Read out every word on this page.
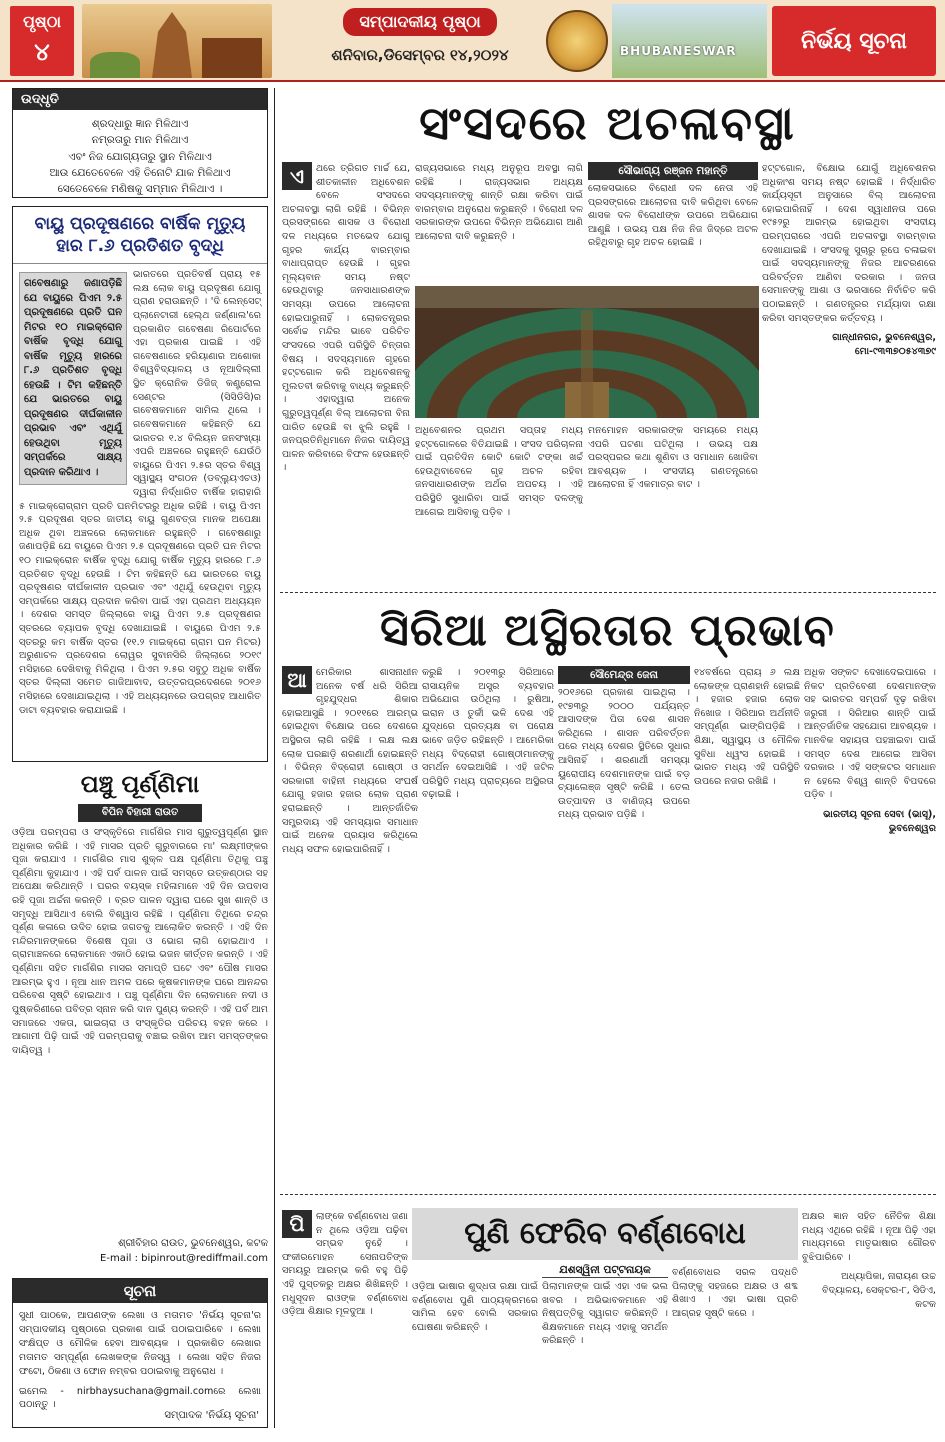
ପୃଷ୍ଠା
୪
ସମ୍ପାଦକୀୟ ପୃଷ୍ଠା
ଶନିବାର,ଡିସେମ୍ବର ୧୪,୨୦୨୪	BHUBANESWAR	ନିର୍ଭୟ ସୂଚନା
ଉଦ୍ଧୃତି
ଶ୍ରଦ୍ଧାରୁ ଜ୍ଞାନ ମିଳିଥାଏ
ନମ୍ରତାରୁ ମାନ ମିଳିଥାଏ
ଏବଂ ନିଜ ଯୋଗ୍ୟତାରୁ ସ୍ଥାନ ମିଳିଥାଏ
ଆଉ ଯେତେବେଳେ ଏହି ତିନୋଟି ଯାକ ମିଳିଥାଏ
ସେତେବେଳେ ମଣିଷକୁ ସମ୍ମାନ ମିଳିଥାଏ ।
ବାୟୁ ପ୍ରଦୂଷଣରେ ବାର୍ଷିକ ମୃତ୍ୟୁ ହାର ୮.୬ ପ୍ରତିଶତ ବୃଦ୍ଧି
ଗବେଷଣାରୁ ଜଣାପଡ଼ିଛି ଯେ ବାୟୁରେ ପିଏମ ୨.୫ ପ୍ରଦୂଷଣରେ ପ୍ରତି ଘନ ମିଟର ୧୦ ମାଇକ୍ରୋନ ବାର୍ଷିକ ବୃଦ୍ଧି ଯୋଗୁ ବାର୍ଷିକ ମୃତ୍ୟୁ ହାରରେ ୮.୬ ପ୍ରତିଶତ ବୃଦ୍ଧି ହେଉଛି । ଟିମ କହିଛନ୍ତି ଯେ ଭାରତରେ ବାୟୁ ପ୍ରଦୂଷଣର ଦୀର୍ଘକାଳୀନ ପ୍ରଭାବ ଏବଂ ଏଥିଯୁଁ ହେଉଥିବା ମୃତ୍ୟୁ ସମ୍ପର୍କରେ ସାକ୍ଷ୍ୟ ପ୍ରଦାନ କରିଥାଏ ।
ଭାରତରେ ପ୍ରତିବର୍ଷ ପ୍ରାୟ ୧୫ ଲକ୍ଷ ଲୋକ ବାୟୁ ପ୍ରଦୂଷଣ ଯୋଗୁ ପ୍ରାଣ ହରାଉଛନ୍ତି । 'ଦି ଲେନ୍‌ସେଟ୍ ପ୍ଲାନେଟାରୀ ହେଲ୍‌ଥ ଜର୍ଣ୍ଣାଲ'ରେ ପ୍ରକାଶିତ ଗବେଷଣା ରିପୋର୍ଟରେ ଏହା ପ୍ରକାଶ ପାଇଛି । ଏହି ଗବେଷଣାରେ ହରିୟାଣାର ଅଶୋକା ବିଶ୍ୱବିଦ୍ୟାଳୟ ଓ ନୂଆଦିଲ୍ଲୀ ସ୍ଥିତ କ୍ରୋନିକ ଡିଜିଜ୍ କଣ୍ଟ୍ରୋଲ ସେଣ୍ଟର (ସିସିଡିସି)ର ଗବେଷକମାନେ ସାମିଲ ଥିଲେ । ଗବେଷକମାନେ କହିଛନ୍ତି ଯେ ଭାରତର ୧.୪ ବିଲିୟନ ଜନସଂଖ୍ୟା ଏପରି ଅଞ୍ଚଳରେ ରହୁଛନ୍ତି ଯେଉଁଠି ବାୟୁରେ ପିଏମ ୨.୫ର ସ୍ତର ବିଶ୍ୱ ସ୍ୱାସ୍ଥ୍ୟ ସଂଗଠନ (ଡବ୍ଲ୍ୟୁଏଚଓ) ଦ୍ୱାରା ନିର୍ଦ୍ଧାରିତ ବାର୍ଷିକ ହାରାହାରି ୫ ମାଇକ୍ରୋଗ୍ରାମ ପ୍ରତି ଘନମିଟରରୁ ଅଧିକ ରହିଛି । ବାୟୁ ପିଏମ ୨.୫ ପ୍ରଦୂଷଣ ସ୍ତର ଜାତୀୟ ବାୟୁ ଗୁଣବତ୍ତା ମାନକ ଅପେକ୍ଷା ଅଧିକ ଥିବା ଅଞ୍ଚଳରେ ଲୋକମାନେ ରହୁଛନ୍ତି । ଗବେଷଣାରୁ ଜଣାପଡ଼ିଛି ଯେ ବାୟୁରେ ପିଏମ ୨.୫ ପ୍ରଦୂଷଣରେ ପ୍ରତି ଘନ ମିଟର ୧୦ ମାଇକ୍ରୋନ ବାର୍ଷିକ ବୃଦ୍ଧି ଯୋଗୁ ବାର୍ଷିକ ମୃତ୍ୟୁ ହାରରେ ୮.୬ ପ୍ରତିଶତ ବୃଦ୍ଧି ହେଉଛି । ଟିମ କହିଛନ୍ତି ଯେ ଭାରତରେ ବାୟୁ ପ୍ରଦୂଷଣର ଦୀର୍ଘକାଳୀନ ପ୍ରଭାବ ଏବଂ ଏଥିଯୁଁ ହେଉଥିବା ମୃତ୍ୟୁ ସମ୍ପର୍କରେ ସାକ୍ଷ୍ୟ ପ୍ରଦାନ କରିବା ପାଇଁ ଏହା ପ୍ରଥମ ଅଧ୍ୟୟନ । ଦେଶର ସମସ୍ତ ଜିଲ୍ଲାରେ ବାୟୁ ପିଏମ ୨.୫ ପ୍ରଦୂଷଣର ସ୍ତରରେ ବ୍ୟାପକ ବୃଦ୍ଧି ଦେଖାଯାଇଛି । ବାୟୁରେ ପିଏମ ୨.୫ ସ୍ତରରୁ କମ ବାର୍ଷିକ ସ୍ତର (୧୧.୨ ମାଇକ୍ରୋ ଗ୍ରାମ ଘନ ମିଟର) ଅରୁଣାଚଳ ପ୍ରଦେଶର ଲୋୱର ସୁବାନସିରି ଜିଲ୍ଲାରେ ୨୦୧୯ ମସିହାରେ ଦେଖିବାକୁ ମିଳିଥିଲା । ପିଏମ ୨.୫ର ସବୁଠୁ ଅଧିକ ବାର୍ଷିକ ସ୍ତର ଦିଲ୍ଲୀ ସମେତ ଗାଜିଆବାଦ, ଉତ୍ତରପ୍ରଦେଶରେ ୨୦୧୬ ମସିହାରେ ଦେଖାଯାଇଥିଲା । ଏହି ଅଧ୍ୟୟନରେ ଉପଗ୍ରହ ଆଧାରିତ ଡାଟା ବ୍ୟବହାର କରାଯାଇଛି ।
ପଞ୍ଚୁ ପୂର୍ଣ୍ଣିମା
ବିପିନ ବିହାରୀ ରାଉତ
ଓଡ଼ିଆ ପରମ୍ପରା ଓ ସଂସ୍କୃତିରେ ମାର୍ଗଶିର ମାସ ଗୁରୁତ୍ୱପୂର୍ଣ୍ଣ ସ୍ଥାନ ଅଧିକାର କରିଛି । ଏହି ମାସର ପ୍ରତି ଗୁରୁବାରରେ ମା' ଲକ୍ଷ୍ମୀଙ୍କର ପୂଜା କରାଯାଏ । ମାର୍ଗଶିର ମାସ ଶୁକ୍ଳ ପକ୍ଷ ପୂର୍ଣ୍ଣିମା ତିଥିକୁ ପଞ୍ଚୁ ପୂର୍ଣ୍ଣିମା କୁହାଯାଏ । ଏହି ପର୍ବ ପାଳନ ପାଇଁ ସମସ୍ତେ ଉତ୍କଣ୍ଠାର ସହ ଅପେକ୍ଷା କରିଥାନ୍ତି । ଘରର ବୟସ୍କ ମହିଳାମାନେ ଏହି ଦିନ ଉପବାସ ରହି ପୂଜା ଅର୍ଚ୍ଚନା କରନ୍ତି । ବ୍ରତ ପାଳନ ଦ୍ୱାରା ଘରେ ସୁଖ ଶାନ୍ତି ଓ ସମୃଦ୍ଧି ଆସିଥାଏ ବୋଲି ବିଶ୍ୱାସ ରହିଛି । ପୂର୍ଣ୍ଣିମା ତିଥିରେ ଚନ୍ଦ୍ର ପୂର୍ଣ୍ଣ କଳାରେ ଉଦିତ ହୋଇ ଜଗତକୁ ଆଲୋକିତ କରନ୍ତି । ଏହି ଦିନ ମନ୍ଦିରମାନଙ୍କରେ ବିଶେଷ ପୂଜା ଓ ଭୋଗ ଲାଗି ହୋଇଥାଏ । ଗ୍ରାମାଞ୍ଚଳରେ ଲୋକମାନେ ଏକାଠି ହୋଇ ଭଜନ କୀର୍ତ୍ତନ କରନ୍ତି । ଏହି ପୂର୍ଣ୍ଣିମା ସହିତ ମାର୍ଗଶିର ମାସର ସମାପ୍ତି ଘଟେ ଏବଂ ପୌଷ ମାସର ଆରମ୍ଭ ହୁଏ । ନୂଆ ଧାନ ଅମଳ ପରେ କୃଷକମାନଙ୍କ ଘରେ ଆନନ୍ଦର ପରିବେଶ ସୃଷ୍ଟି ହୋଇଥାଏ । ପଞ୍ଚୁ ପୂର୍ଣ୍ଣିମା ଦିନ ଲୋକମାନେ ନଦୀ ଓ ପୁଷ୍କରିଣୀରେ ପବିତ୍ର ସ୍ନାନ କରି ଦାନ ପୁଣ୍ୟ କରନ୍ତି । ଏହି ପର୍ବ ଆମ ସମାଜରେ ଏକତା, ଭାଇଚାରା ଓ ସଂସ୍କୃତିର ପରିଚୟ ବହନ କରେ । ଆଗାମୀ ପିଢ଼ି ପାଇଁ ଏହି ପରମ୍ପରାକୁ ବଞ୍ଚାଇ ରଖିବା ଆମ ସମସ୍ତଙ୍କର ଦାୟିତ୍ୱ ।
ଶ୍ରୀବିହାର ରାଉତ, ଭୁବନେଶ୍ୱର, କଟକ
E-mail : bipinrout@rediffmail.com
ସୂଚନା
ସୁଧୀ ପାଠକେ, ଆପଣଙ୍କ ଲେଖା ଓ ମତାମତ 'ନିର୍ଭୟ ସୂଚନା'ର ସମ୍ପାଦକୀୟ ପୃଷ୍ଠାରେ ପ୍ରକାଶ ପାଇଁ ପଠାଇପାରିବେ । ଲେଖା ସଂକ୍ଷିପ୍ତ ଓ ମୌଳିକ ହେବା ଆବଶ୍ୟକ । ପ୍ରକାଶିତ ଲେଖାର ମତାମତ ସମ୍ପୂର୍ଣ୍ଣ ଲେଖକଙ୍କ ନିଜସ୍ୱ । ଲେଖା ସହିତ ନିଜର ଫଟୋ, ଠିକଣା ଓ ଫୋନ ନମ୍ବର ପଠାଇବାକୁ ଅନୁରୋଧ ।
ଇମେଲ - nirbhaysuchana@gmail.comରେ ଲେଖା ପଠାନ୍ତୁ ।
ସମ୍ପାଦକ 'ନିର୍ଭୟ ସୂଚନା'
ସଂସଦରେ ଅଚଳାବସ୍ଥା
ଏ	ଥରେ ତ୍ରିଗତ ମାର୍ଚ୍ଚ ଯେ, ଶୀତକାଳୀନ ଅଧିବେଶନ ବେଳେ ସଂସଦରେ ଅଚଳାବସ୍ଥା ଲାଗି ରହିଛି । ବିଭିନ୍ନ ପ୍ରସଙ୍ଗରେ ଶାସକ ଓ ବିରୋଧୀ ଦଳ ମଧ୍ୟରେ ମତଭେଦ ଯୋଗୁ ଗୃହର କାର୍ଯ୍ୟ ବାରମ୍ବାର ବାଧାପ୍ରାପ୍ତ ହେଉଛି । ଗୃହର ମୂଲ୍ୟବାନ ସମୟ ନଷ୍ଟ ହେଉଥିବାରୁ ଜନସାଧାରଣଙ୍କ ସମସ୍ୟା ଉପରେ ଆଲୋଚନା ହୋଇପାରୁନାହିଁ । ଲୋକତନ୍ତ୍ରର ସର୍ବୋଚ୍ଚ ମନ୍ଦିର ଭାବେ ପରିଚିତ ସଂସଦରେ ଏପରି ପରିସ୍ଥିତି ଚିନ୍ତାର ବିଷୟ । ସଦସ୍ୟମାନେ ଗୃହରେ ହଟ୍ଟଗୋଳ କରି ଅଧିବେଶନକୁ ମୁଲତବୀ କରିବାକୁ ବାଧ୍ୟ କରୁଛନ୍ତି । ଏହାଦ୍ୱାରା ଅନେକ ଗୁରୁତ୍ୱପୂର୍ଣ୍ଣ ବିଲ୍ ଆଲୋଚନା ବିନା ପାରିତ ହେଉଛି ବା ଝୁଲି ରହୁଛି । ଜନପ୍ରତିନିଧିମାନେ ନିଜର ଦାୟିତ୍ୱ ପାଳନ କରିବାରେ ବିଫଳ ହେଉଛନ୍ତି ।
ରାଜ୍ୟସଭାରେ ମଧ୍ୟ ଅନୁରୂପ ଅବସ୍ଥା ଲାଗି ରହିଛି । ରାଜ୍ୟସଭାର ଅଧ୍ୟକ୍ଷ ସଦସ୍ୟମାନଙ୍କୁ ଶାନ୍ତି ରକ୍ଷା କରିବା ପାଇଁ ବାରମ୍ବାର ଅନୁରୋଧ କରୁଛନ୍ତି । ବିରୋଧୀ ଦଳ ସରକାରଙ୍କ ଉପରେ ବିଭିନ୍ନ ଅଭିଯୋଗ ଆଣି ଆଲୋଚନା ଦାବି କରୁଛନ୍ତି ।
ସୌଭାଗ୍ୟ ରଞ୍ଜନ ମହାନ୍ତି
ଲୋକସଭାରେ ବିରୋଧୀ ଦଳ ନେତା ଏହି ପ୍ରସଙ୍ଗରେ ଆଲୋଚନା ଦାବି କରିଥିବା ବେଳେ ଶାସକ ଦଳ ବିରୋଧୀଙ୍କ ଉପରେ ଅଭିଯୋଗ ଆଣୁଛି । ଉଭୟ ପକ୍ଷ ନିଜ ନିଜ ଜିଦ୍‌ରେ ଅଟଳ ରହିଥିବାରୁ ଗୃହ ଅଚଳ ହୋଇଛି ।
ଅଧିବେଶନର ପ୍ରଥମ ସପ୍ତାହ ମଧ୍ୟ ହଟ୍ଟଗୋଳରେ ବିତିଯାଇଛି । ସଂସଦ ପରିଚାଳନା ପାଇଁ ପ୍ରତିଦିନ କୋଟି କୋଟି ଟଙ୍କା ଖର୍ଚ୍ଚ ହେଉଥିବାବେଳେ ଗୃହ ଅଚଳ ରହିବା ଜନସାଧାରଣଙ୍କ ଅର୍ଥର ଅପଚୟ । ଏହି ପରିସ୍ଥିତି ସୁଧାରିବା ପାଇଁ ସମସ୍ତ ଦଳଙ୍କୁ ଆଗେଇ ଆସିବାକୁ ପଡ଼ିବ ।
ମନମୋହନ ସରକାରଙ୍କ ସମୟରେ ମଧ୍ୟ ଏପରି ଘଟଣା ଘଟିଥିଲା । ଉଭୟ ପକ୍ଷ ପରସ୍ପରର କଥା ଶୁଣିବା ଓ ସମାଧାନ ଖୋଜିବା ଆବଶ୍ୟକ । ସଂସଦୀୟ ଗଣତନ୍ତ୍ରରେ ଆଲୋଚନା ହିଁ ଏକମାତ୍ର ବାଟ ।
ହଟ୍ଟଗୋଳ, ବିକ୍ଷୋଭ ଯୋଗୁଁ ଅଧିବେଶନର ଅଧିକାଂଶ ସମୟ ନଷ୍ଟ ହୋଇଛି । ନିର୍ଦ୍ଧାରିତ କାର୍ଯ୍ୟସୂଚୀ ଅନୁସାରେ ବିଲ୍ ଆଲୋଚନା ହୋଇପାରିନାହିଁ । ଦେଶ ସ୍ୱାଧୀନତା ପରେ ୧୯୫୨ରୁ ଆରମ୍ଭ ହୋଇଥିବା ସଂସଦୀୟ ପରମ୍ପରାରେ ଏପରି ଅଚଳାବସ୍ଥା ବାରମ୍ବାର ଦେଖାଯାଇଛି । ସଂସଦକୁ ସୁଚାରୁ ରୂପେ ଚଳାଇବା ପାଇଁ ସଦସ୍ୟମାନଙ୍କୁ ନିଜର ଆଚରଣରେ ପରିବର୍ତ୍ତନ ଆଣିବା ଦରକାର । ଜନତା ସେମାନଙ୍କୁ ଆଶା ଓ ଭରସାରେ ନିର୍ବାଚିତ କରି ପଠାଇଛନ୍ତି । ଗଣତନ୍ତ୍ରର ମର୍ଯ୍ୟାଦା ରକ୍ଷା କରିବା ସମସ୍ତଙ୍କର କର୍ତ୍ତବ୍ୟ ।
ଗାନ୍ଧୀନଗର, ଭୁବନେଶ୍ୱର, ମୋ-୯୩୩୭୦୫୪୩୭୯
ସିରିଆ ଅସ୍ଥିରତାର ପ୍ରଭାବ
ଆ ମେରିକାର ଶାସନାଧୀନ ଅନେକ ବର୍ଷ ଧରି ସିରିଆ ଗୃହଯୁଦ୍ଧର ଶିକାର ହୋଇଆସୁଛି । ୨୦୧୧ରେ ଆରମ୍ଭ ହୋଇଥିବା ବିକ୍ଷୋଭ ପରେ ଦେଶରେ ଅସ୍ଥିରତା ଲାଗି ରହିଛି । ଲକ୍ଷ ଲକ୍ଷ ଲୋକ ଘରଛାଡ଼ି ଶରଣାର୍ଥୀ ହୋଇଛନ୍ତି । ବିଭିନ୍ନ ବିଦ୍ରୋହୀ ଗୋଷ୍ଠୀ ଓ ସରକାରୀ ବାହିନୀ ମଧ୍ୟରେ ସଂଘର୍ଷ ଯୋଗୁ ହଜାର ହଜାର ଲୋକ ପ୍ରାଣ ହରାଇଛନ୍ତି । ଆନ୍ତର୍ଜାତିକ ସମ୍ପ୍ରଦାୟ ଏହି ସମସ୍ୟାର ସମାଧାନ ପାଇଁ ଅନେକ ପ୍ରୟାସ କରିଥିଲେ ମଧ୍ୟ ସଫଳ ହୋଇପାରିନାହିଁ ।
କରୁଛି । ୨୦୧୩ରୁ ସିରିଆରେ ରାସାୟନିକ ଅସ୍ତ୍ର ବ୍ୟବହାର ଅଭିଯୋଗ ଉଠିଥିଲା । ରୁଷିଆ, ଇରାନ ଓ ତୁର୍କୀ ଭଳି ଦେଶ ଏହି ଯୁଦ୍ଧରେ ପ୍ରତ୍ୟକ୍ଷ ବା ପରୋକ୍ଷ ଭାବେ ଜଡ଼ିତ ରହିଛନ୍ତି । ଆମେରିକା ମଧ୍ୟ ବିଦ୍ରୋହୀ ଗୋଷ୍ଠୀମାନଙ୍କୁ ସମର୍ଥନ ଦେଇଆସିଛି । ଏହି ଜଟିଳ ପରିସ୍ଥିତି ମଧ୍ୟ ପ୍ରାଚ୍ୟରେ ଅସ୍ଥିରତା ବଢ଼ାଇଛି ।
ସୌମେନ୍ଦ୍ର ଜେନା
୨୦୧୬ରେ ପ୍ରକାଶ ପାଇଥିଲା । ୧୯୭୩ରୁ ୨୦୦୦ ପର୍ଯ୍ୟନ୍ତ ଆସାଦଙ୍କ ପିତା ଦେଶ ଶାସନ କରିଥିଲେ । ଶାସନ ପରିବର୍ତ୍ତନ ପରେ ମଧ୍ୟ ଦେଶର ସ୍ଥିତିରେ ସୁଧାର ଆସିନାହିଁ । ଶରଣାର୍ଥୀ ସମସ୍ୟା ୟୁରୋପୀୟ ଦେଶମାନଙ୍କ ପାଇଁ ବଡ଼ ଚ୍ୟାଲେଞ୍ଜ ସୃଷ୍ଟି କରିଛି । ତେଲ ଉତ୍ପାଦନ ଓ ବାଣିଜ୍ୟ ଉପରେ ମଧ୍ୟ ପ୍ରଭାବ ପଡ଼ିଛି ।
୧୪ବର୍ଷରେ ପ୍ରାୟ ୬ ଲକ୍ଷ ଲୋକଙ୍କ ପ୍ରାଣହାନି ହୋଇଛି । ହଜାର ହଜାର ଲୋକ ନିଖୋଜ । ସିରିଆର ଅର୍ଥନୀତି ସମ୍ପୂର୍ଣ୍ଣ ଭାଙ୍ଗିପଡ଼ିଛି । ଶିକ୍ଷା, ସ୍ୱାସ୍ଥ୍ୟ ଓ ମୌଳିକ ସୁବିଧା ଧ୍ୱଂସ ହୋଇଛି । ଭାରତ ମଧ୍ୟ ଏହି ପରିସ୍ଥିତି ଉପରେ ନଜର ରଖିଛି ।
ଅଧିକ ସଙ୍କଟ ଦେଖାଦେଇପାରେ । ନିକଟ ପ୍ରତିବେଶୀ ଦେଶମାନଙ୍କ ସହ ଭାରତର ସମ୍ପର୍କ ଦୃଢ଼ ରଖିବା ଜରୁରୀ । ସିରିଆର ଶାନ୍ତି ପାଇଁ ଆନ୍ତର୍ଜାତିକ ସହଯୋଗ ଆବଶ୍ୟକ । ମାନବିକ ସହାୟତା ପହଞ୍ଚାଇବା ପାଇଁ ସମସ୍ତ ଦେଶ ଆଗେଇ ଆସିବା ଦରକାର । ଏହି ସଙ୍କଟର ସମାଧାନ ନ ହେଲେ ବିଶ୍ୱ ଶାନ୍ତି ବିପଦରେ ପଡ଼ିବ ।
ଭାରତୀୟ ସୂଚନା ସେବା (ଭାସୂ), ଭୁବନେଶ୍ୱର
ପି	ଲାଙ୍କେ ବର୍ଣ୍ଣବୋଧ ଜଣା ନ ଥିଲେ ଓଡ଼ିଆ ପଢ଼ିବା ସମ୍ଭବ ନୁହେଁ । ଫକୀରମୋହନ ସେନାପତିଙ୍କ ସମୟରୁ ଆରମ୍ଭ କରି ବହୁ ପିଢ଼ି ଏହି ପୁସ୍ତକରୁ ଅକ୍ଷର ଶିଖିଛନ୍ତି । ମଧୁସୂଦନ ରାଓଙ୍କ ବର୍ଣ୍ଣବୋଧ ଓଡ଼ିଆ ଶିକ୍ଷାର ମୂଳଦୁଆ ।
ପୁଣି ଫେରିବ ବର୍ଣ୍ଣବୋଧ
ଯଶସ୍ୱିନୀ ପଟ୍ଟନାୟକ
ଓଡ଼ିଆ ଭାଷାର ଶୁଦ୍ଧତା ରକ୍ଷା ପାଇଁ ବର୍ଣ୍ଣବୋଧ ପୁଣି ପାଠ୍ୟକ୍ରମରେ ସାମିଲ ହେବ ବୋଲି ସରକାର ଘୋଷଣା କରିଛନ୍ତି ।
ପିଲାମାନଙ୍କ ପାଇଁ ଏହା ଏକ ଭଲ ଖବର । ଅଭିଭାବକମାନେ ଏହି ନିଷ୍ପତ୍ତିକୁ ସ୍ୱାଗତ କରିଛନ୍ତି । ଶିକ୍ଷକମାନେ ମଧ୍ୟ ଏହାକୁ ସମର୍ଥନ କରିଛନ୍ତି ।
ବର୍ଣ୍ଣବୋଧର ସରଳ ପଦ୍ଧତି ପିଲାଙ୍କୁ ସହଜରେ ଅକ୍ଷର ଓ ଶବ୍ଦ ଶିଖାଏ । ଏହା ଭାଷା ପ୍ରତି ଆଗ୍ରହ ସୃଷ୍ଟି କରେ ।
ଅକ୍ଷର ଜ୍ଞାନ ସହିତ ନୈତିକ ଶିକ୍ଷା ମଧ୍ୟ ଏଥିରେ ରହିଛି । ନୂଆ ପିଢ଼ି ଏହା ମାଧ୍ୟମରେ ମାତୃଭାଷାର ଗୌରବ ବୁଝିପାରିବେ ।
ଅଧ୍ୟାପିକା, ନାରାୟଣ ଉଚ୍ଚ ବିଦ୍ୟାଳୟ, ସେକ୍ଟର-୮, ସିଡିଏ, କଟକ
